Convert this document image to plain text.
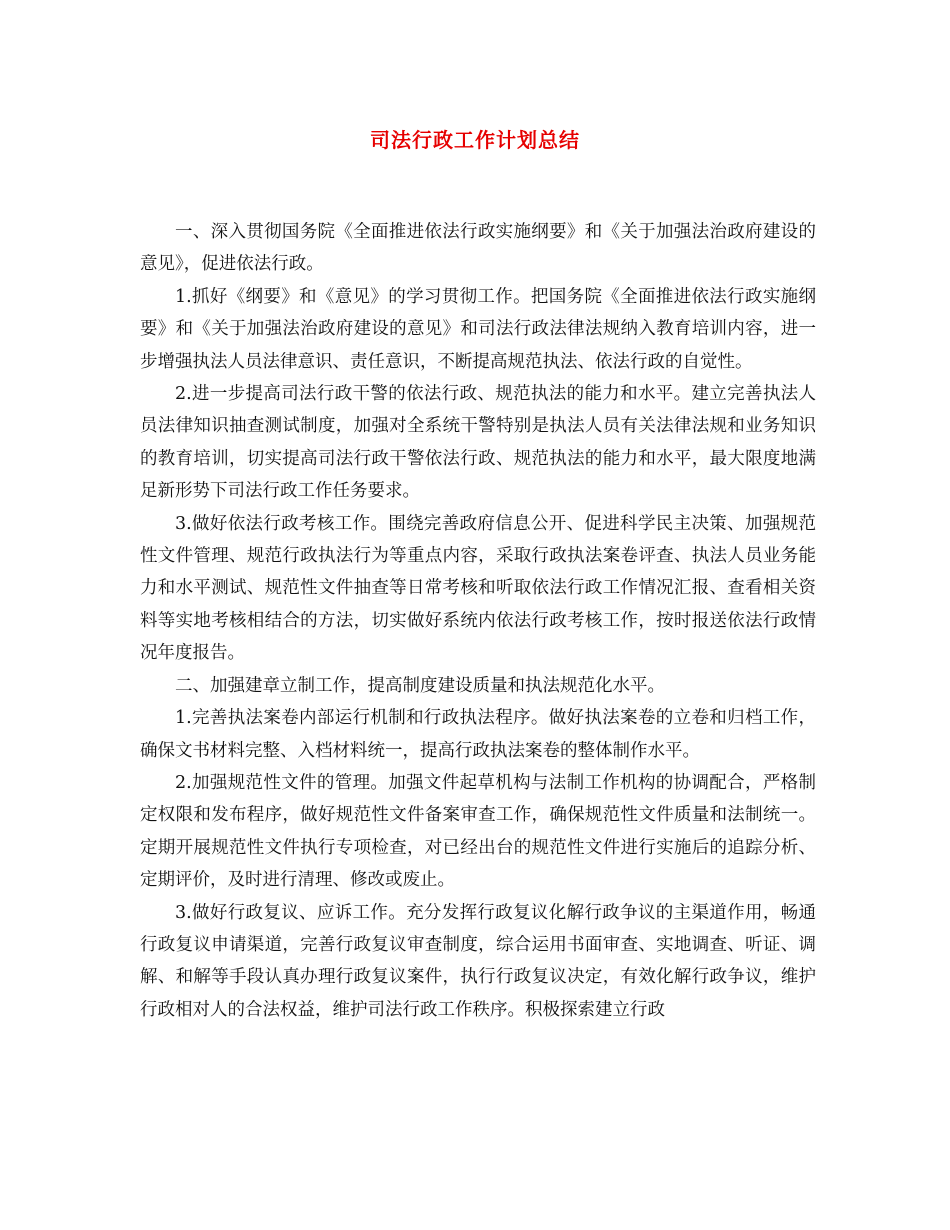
司法行政工作计划总结

一、深入贯彻国务院《全面推进依法行政实施纲要》和《关于加强法治政府建设的意见》，促进依法行政。

1.抓好《纲要》和《意见》的学习贯彻工作。把国务院《全面推进依法行政实施纲要》和《关于加强法治政府建设的意见》和司法行政法律法规纳入教育培训内容，进一步增强执法人员法律意识、责任意识，不断提高规范执法、依法行政的自觉性。

2.进一步提高司法行政干警的依法行政、规范执法的能力和水平。建立完善执法人员法律知识抽查测试制度，加强对全系统干警特别是执法人员有关法律法规和业务知识的教育培训，切实提高司法行政干警依法行政、规范执法的能力和水平，最大限度地满足新形势下司法行政工作任务要求。

3.做好依法行政考核工作。围绕完善政府信息公开、促进科学民主决策、加强规范性文件管理、规范行政执法行为等重点内容，采取行政执法案卷评查、执法人员业务能力和水平测试、规范性文件抽查等日常考核和听取依法行政工作情况汇报、查看相关资料等实地考核相结合的方法，切实做好系统内依法行政考核工作，按时报送依法行政情况年度报告。

二、加强建章立制工作，提高制度建设质量和执法规范化水平。

1.完善执法案卷内部运行机制和行政执法程序。做好执法案卷的立卷和归档工作，确保文书材料完整、入档材料统一，提高行政执法案卷的整体制作水平。

2.加强规范性文件的管理。加强文件起草机构与法制工作机构的协调配合，严格制定权限和发布程序，做好规范性文件备案审查工作，确保规范性文件质量和法制统一。定期开展规范性文件执行专项检查，对已经出台的规范性文件进行实施后的追踪分析、定期评价，及时进行清理、修改或废止。

3.做好行政复议、应诉工作。充分发挥行政复议化解行政争议的主渠道作用，畅通行政复议申请渠道，完善行政复议审查制度，综合运用书面审查、实地调查、听证、调解、和解等手段认真办理行政复议案件，执行行政复议决定，有效化解行政争议，维护行政相对人的合法权益，维护司法行政工作秩序。积极探索建立行政
